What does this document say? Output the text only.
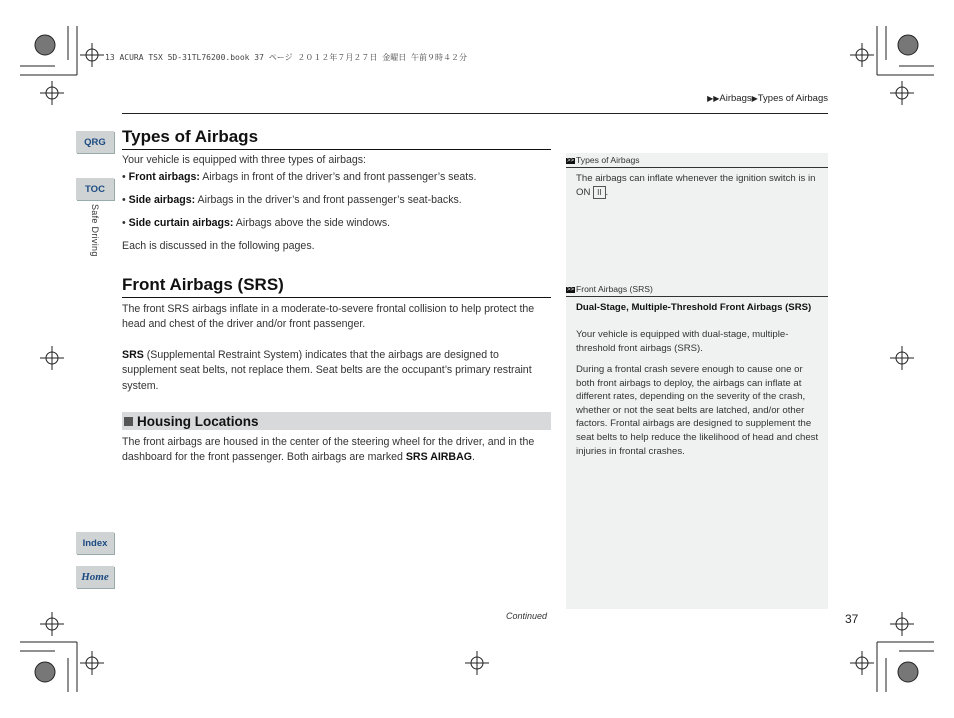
13 ACURA TSX 5D-31TL76200.book 37 ページ ２０１２年７月２７日 金曜日 午前９時４２分
▶▶Airbags▶Types of Airbags
QRG
TOC
Index
Home
Safe Driving
Types of Airbags
Your vehicle is equipped with three types of airbags:
• Front airbags: Airbags in front of the driver’s and front passenger’s seats.
• Side airbags: Airbags in the driver’s and front passenger’s seat-backs.
• Side curtain airbags: Airbags above the side windows.
Each is discussed in the following pages.
Front Airbags (SRS)
The front SRS airbags inflate in a moderate-to-severe frontal collision to help protect the head and chest of the driver and/or front passenger.
SRS (Supplemental Restraint System) indicates that the airbags are designed to supplement seat belts, not replace them. Seat belts are the occupant’s primary restraint system.
Housing Locations
The front airbags are housed in the center of the steering wheel for the driver, and in the dashboard for the front passenger. Both airbags are marked SRS AIRBAG.
>> Types of Airbags
The airbags can inflate whenever the ignition switch is in ON II .
>> Front Airbags (SRS)
Dual-Stage, Multiple-Threshold Front Airbags (SRS)
Your vehicle is equipped with dual-stage, multiple-threshold front airbags (SRS).
During a frontal crash severe enough to cause one or both front airbags to deploy, the airbags can inflate at different rates, depending on the severity of the crash, whether or not the seat belts are latched, and/or other factors. Frontal airbags are designed to supplement the seat belts to help reduce the likelihood of head and chest injuries in frontal crashes.
Continued	37
